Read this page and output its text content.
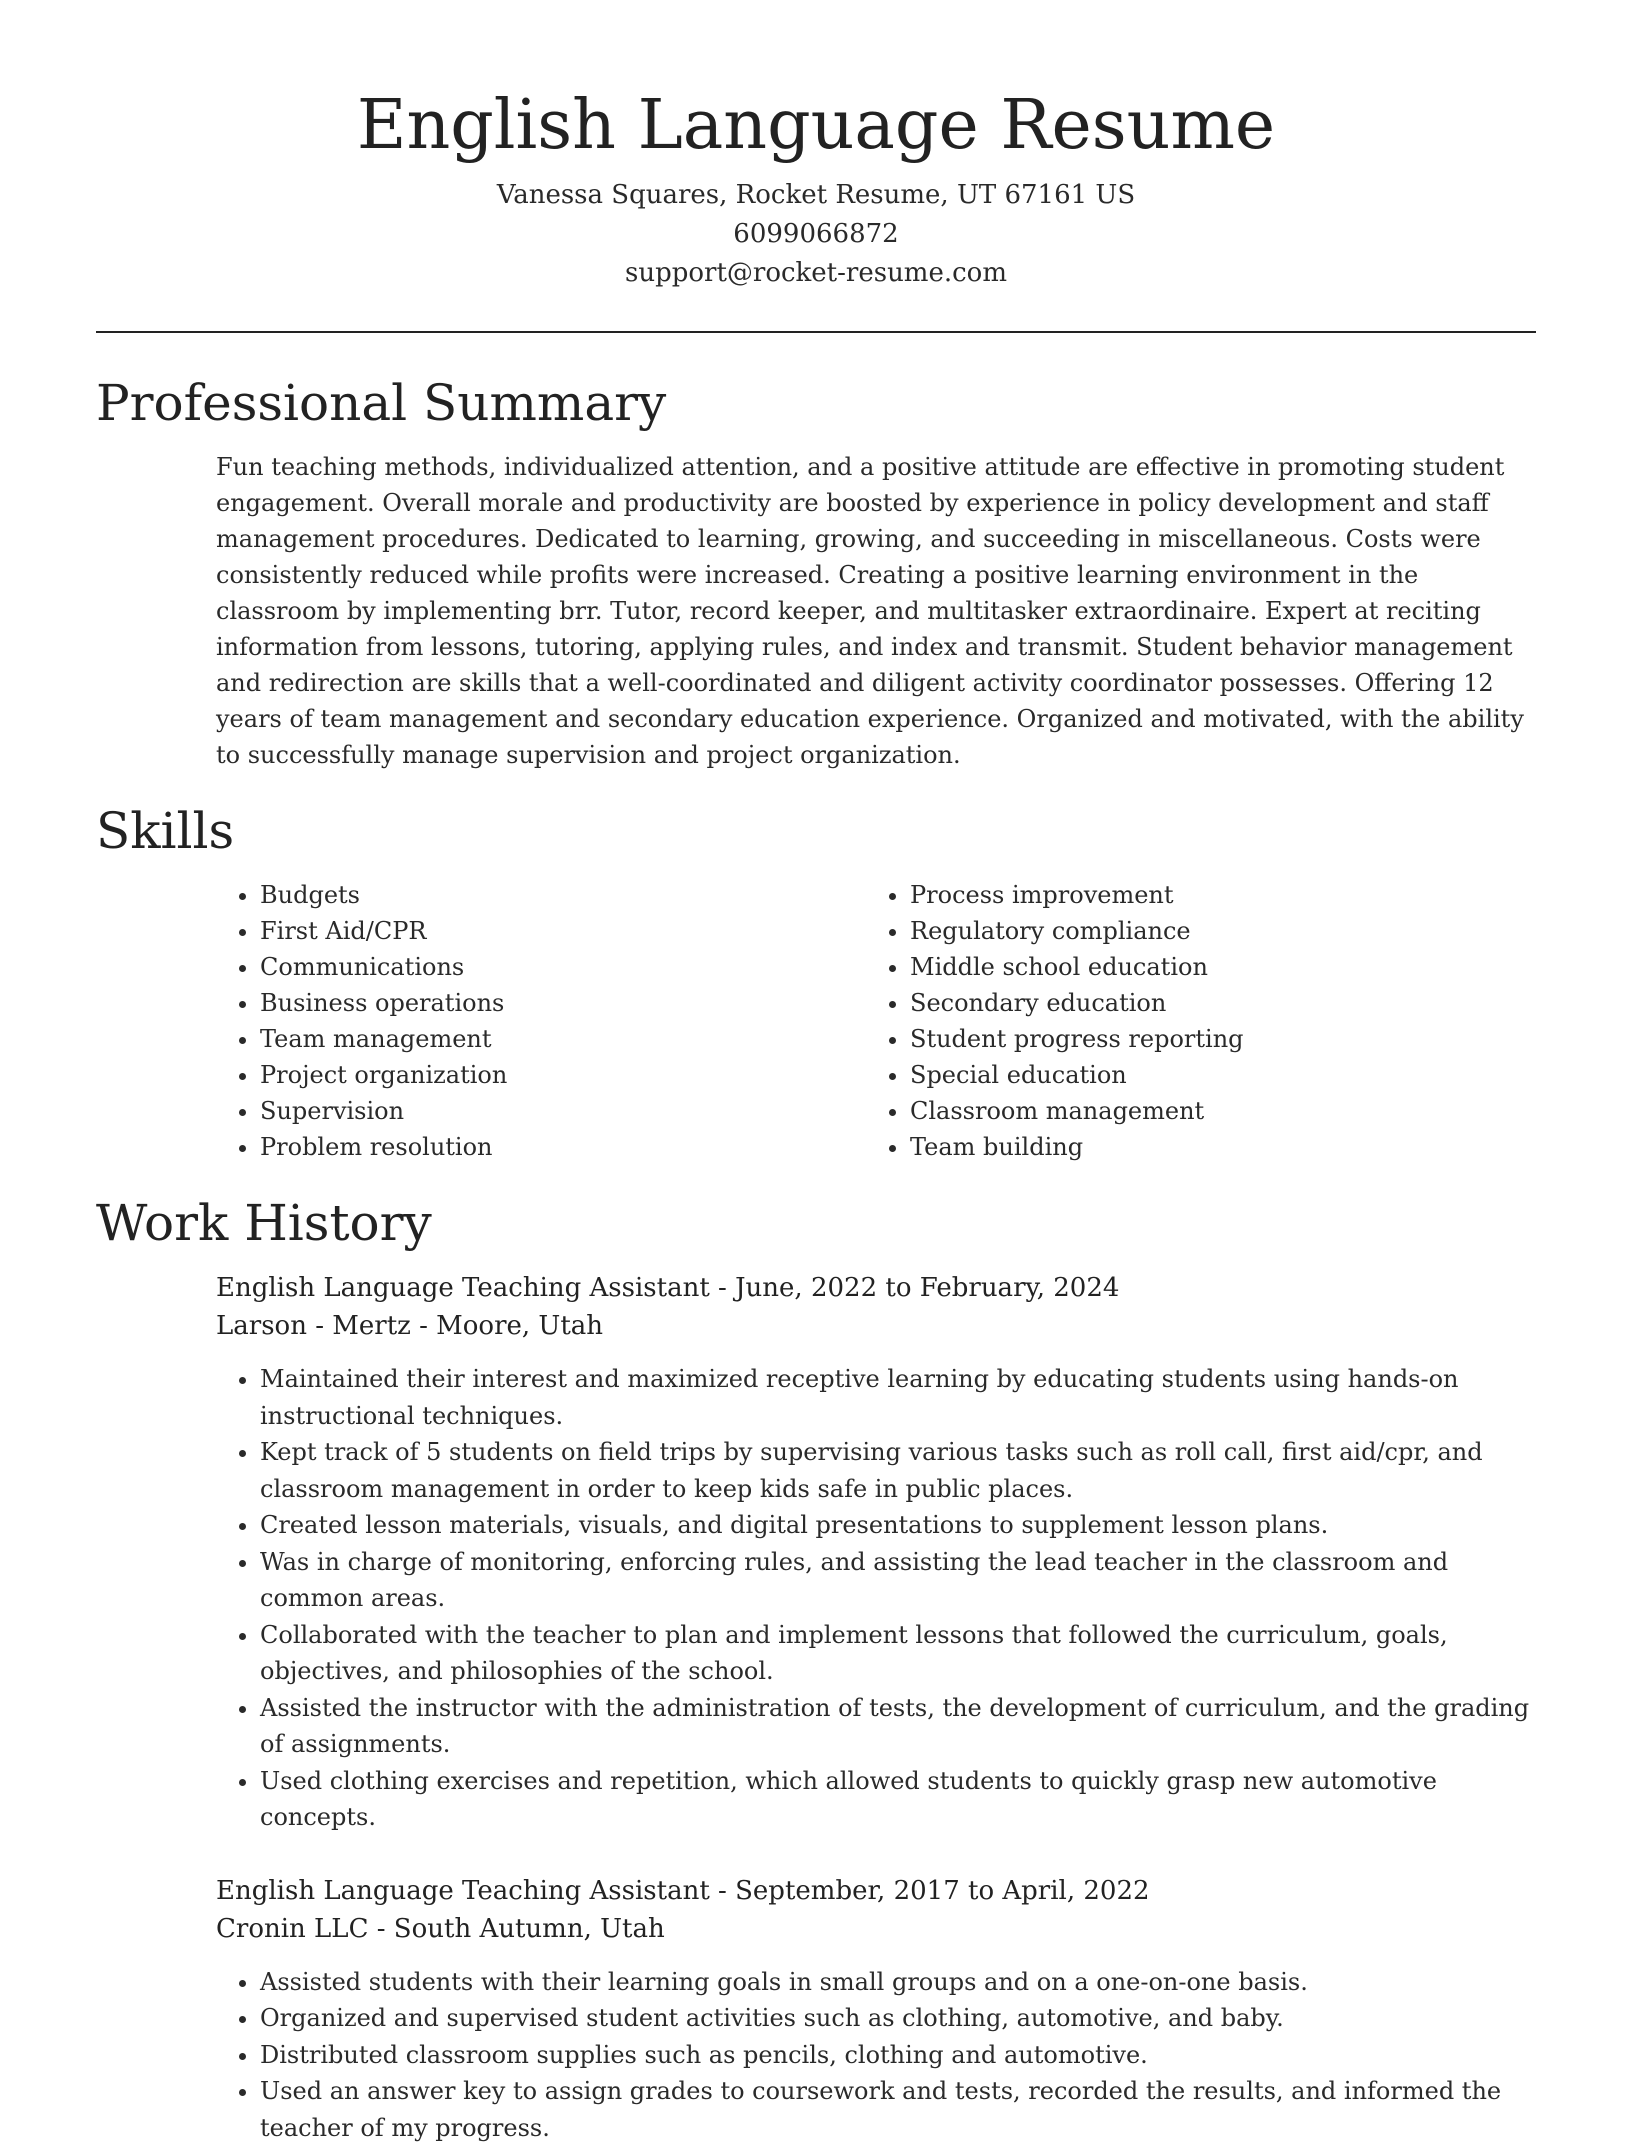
English Language Resume
Vanessa Squares, Rocket Resume, UT 67161 US
6099066872
support@rocket-resume.com
Professional Summary

Fun teaching methods, individualized attention, and a positive attitude are effective in promoting student engagement. Overall morale and productivity are boosted by experience in policy development and staff management procedures. Dedicated to learning, growing, and succeeding in miscellaneous. Costs were consistently reduced while profits were increased. Creating a positive learning environment in the classroom by implementing brr. Tutor, record keeper, and multitasker extraordinaire. Expert at reciting information from lessons, tutoring, applying rules, and index and transmit. Student behavior management and redirection are skills that a well-coordinated and diligent activity coordinator possesses. Offering 12 years of team management and secondary education experience. Organized and motivated, with the ability to successfully manage supervision and project organization.

Skills
• Budgets
• First Aid/CPR
• Communications
• Business operations
• Team management
• Project organization
• Supervision
• Problem resolution
• Process improvement
• Regulatory compliance
• Middle school education
• Secondary education
• Student progress reporting
• Special education
• Classroom management
• Team building
Work History
English Language Teaching Assistant - June, 2022 to February, 2024
Larson - Mertz - Moore, Utah
• Maintained their interest and maximized receptive learning by educating students using hands-on instructional techniques.
• Kept track of 5 students on field trips by supervising various tasks such as roll call, first aid/cpr, and classroom management in order to keep kids safe in public places.
• Created lesson materials, visuals, and digital presentations to supplement lesson plans.
• Was in charge of monitoring, enforcing rules, and assisting the lead teacher in the classroom and common areas.
• Collaborated with the teacher to plan and implement lessons that followed the curriculum, goals, objectives, and philosophies of the school.
• Assisted the instructor with the administration of tests, the development of curriculum, and the grading of assignments.
• Used clothing exercises and repetition, which allowed students to quickly grasp new automotive concepts.
English Language Teaching Assistant - September, 2017 to April, 2022
Cronin LLC - South Autumn, Utah
• Assisted students with their learning goals in small groups and on a one-on-one basis.
• Organized and supervised student activities such as clothing, automotive, and baby.
• Distributed classroom supplies such as pencils, clothing and automotive.
• Used an answer key to assign grades to coursework and tests, recorded the results, and informed the teacher of my progress.
